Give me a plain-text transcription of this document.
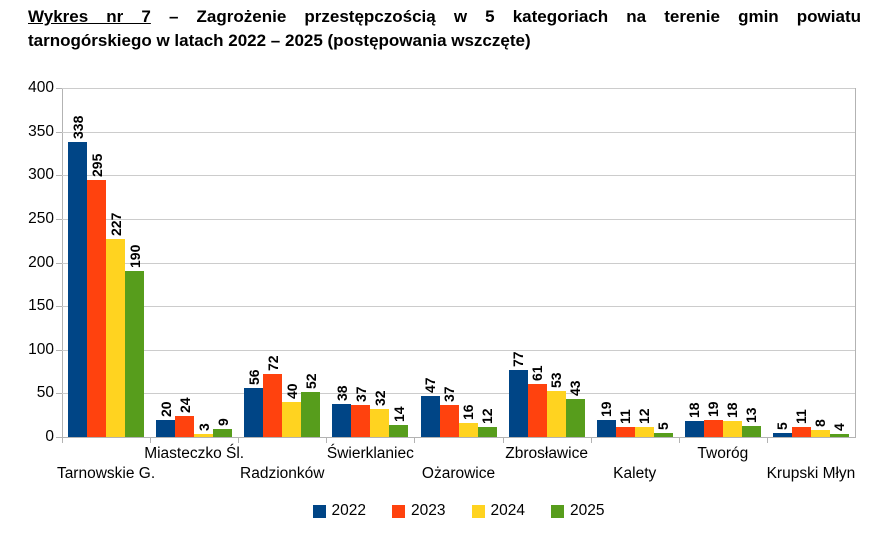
Wykres nr 7 – Zagrożenie przestępczością w 5 kategoriach na terenie gmin powiatu
tarnogórskiego w latach 2022 – 2025 (postępowania wszczęte)
0
50
100
150
200
250
300
350
400
338
20
56
38
47
77
19	18
5
295
24
72
37	37
61
11	19	11
227
3
40	32
16
53
12	18
8
190
9
52
14	12
43
5
13
4
Tarnowskie G.
Miasteczko Śl.
Radzionków
Świerklaniec
Ożarowice
Zbrosławice
Kalety
Tworóg
Krupski Młyn
2022	2023	2024	2025
